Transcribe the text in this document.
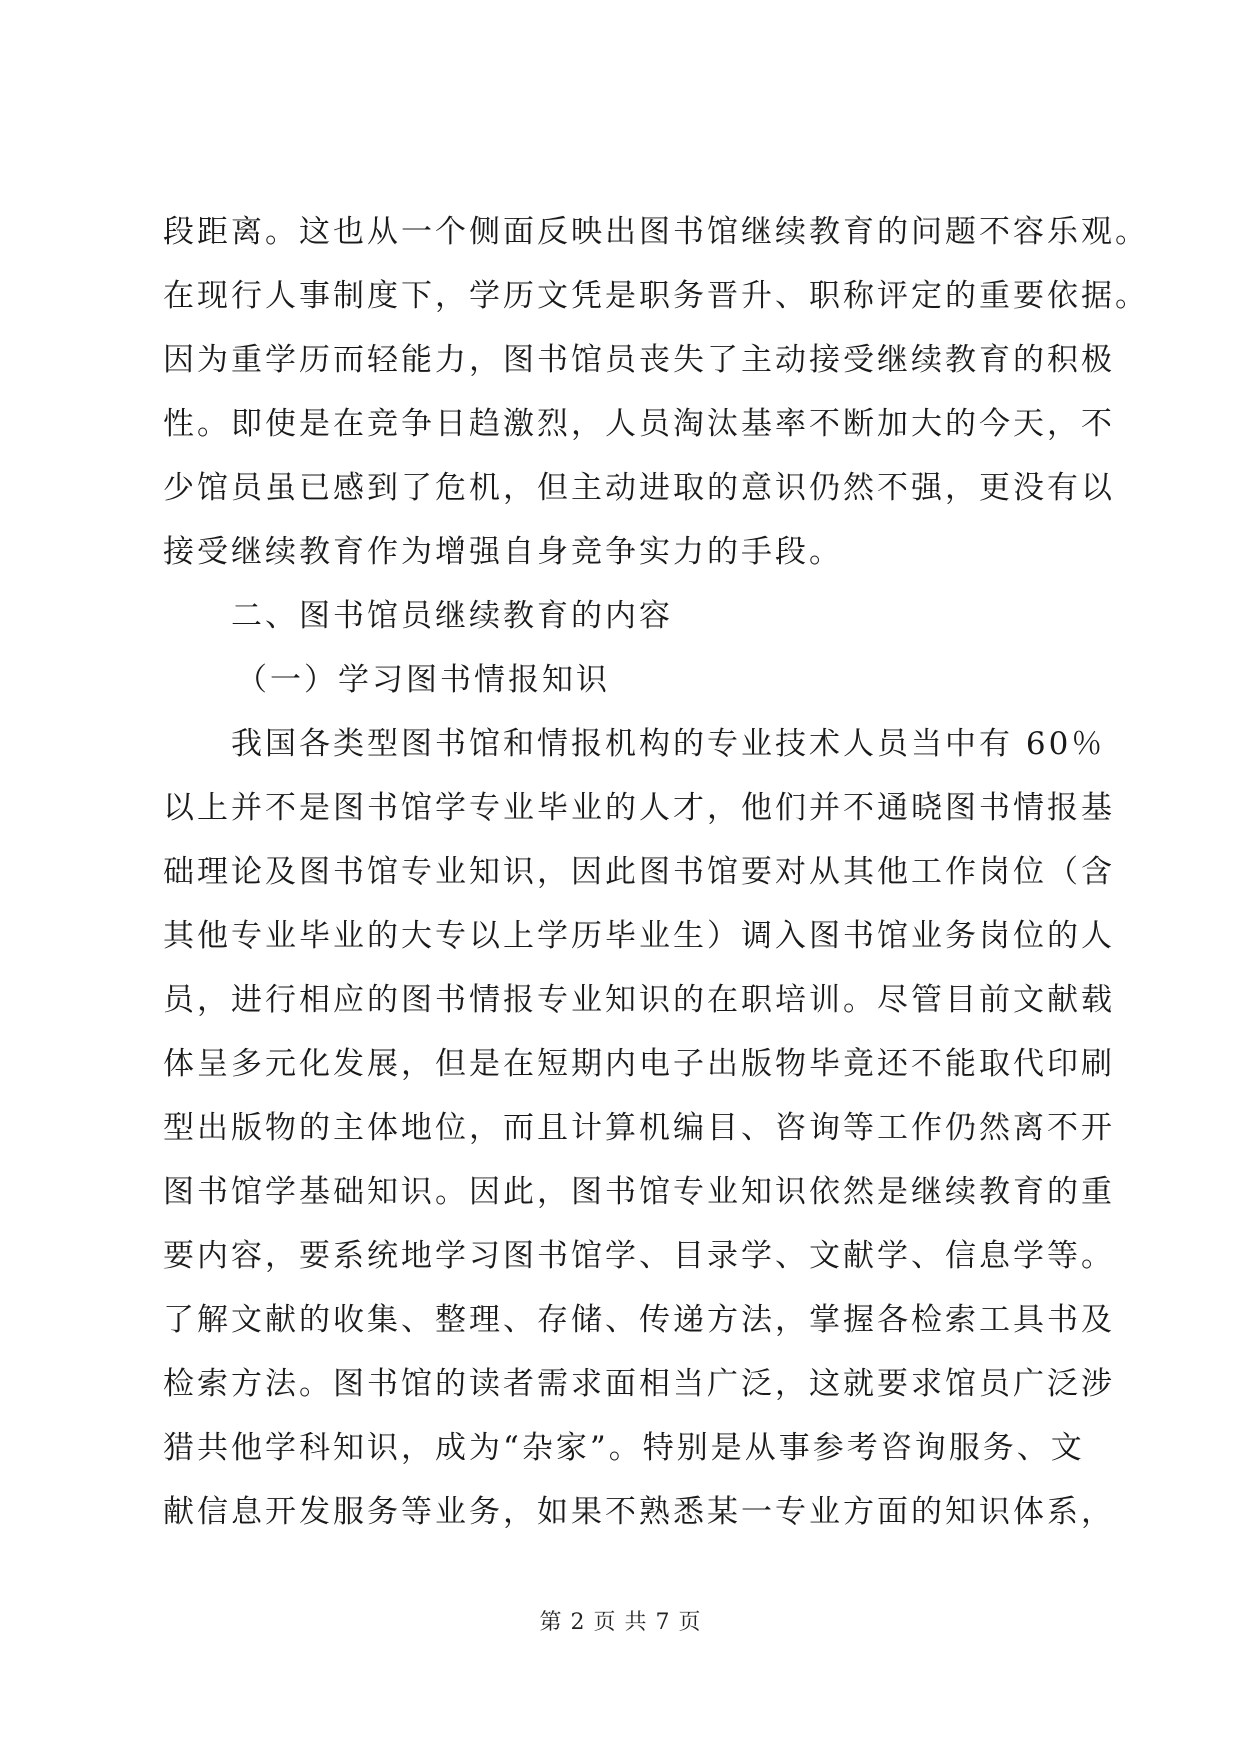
段距离。这也从一个侧面反映出图书馆继续教育的问题不容乐观。
在现行人事制度下，学历文凭是职务晋升、职称评定的重要依据。
因为重学历而轻能力，图书馆员丧失了主动接受继续教育的积极
性。即使是在竞争日趋激烈，人员淘汰基率不断加大的今天，不
少馆员虽已感到了危机，但主动进取的意识仍然不强，更没有以
接受继续教育作为增强自身竞争实力的手段。
二、图书馆员继续教育的内容
（一）学习图书情报知识
我国各类型图书馆和情报机构的专业技术人员当中有 60％
以上并不是图书馆学专业毕业的人才，他们并不通晓图书情报基
础理论及图书馆专业知识，因此图书馆要对从其他工作岗位（含
其他专业毕业的大专以上学历毕业生）调入图书馆业务岗位的人
员，进行相应的图书情报专业知识的在职培训。尽管目前文献载
体呈多元化发展，但是在短期内电子出版物毕竟还不能取代印刷
型出版物的主体地位，而且计算机编目、咨询等工作仍然离不开
图书馆学基础知识。因此，图书馆专业知识依然是继续教育的重
要内容，要系统地学习图书馆学、目录学、文献学、信息学等。
了解文献的收集、整理、存储、传递方法，掌握各检索工具书及
检索方法。图书馆的读者需求面相当广泛，这就要求馆员广泛涉
猎共他学科知识，成为“杂家”。特别是从事参考咨询服务、文
献信息开发服务等业务，如果不熟悉某一专业方面的知识体系，
第 2 页 共 7 页
